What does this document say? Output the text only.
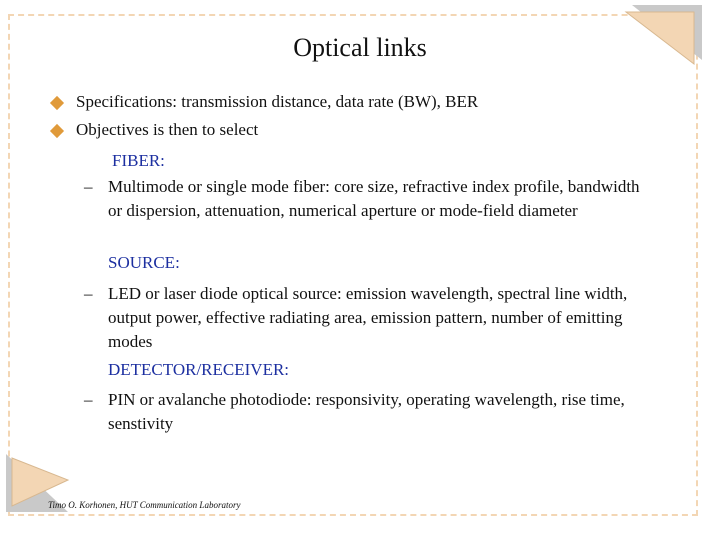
Optical links
Specifications: transmission distance, data rate (BW), BER
Objectives is then to select
FIBER:
– Multimode or single mode fiber: core size, refractive index profile, bandwidth or dispersion, attenuation, numerical aperture or mode-field diameter
SOURCE:
– LED or laser diode optical source: emission wavelength, spectral line width, output power, effective radiating area, emission pattern, number of emitting modes
DETECTOR/RECEIVER:
– PIN or avalanche photodiode: responsivity, operating wavelength, rise time, senstivity
Timo O. Korhonen, HUT Communication Laboratory
